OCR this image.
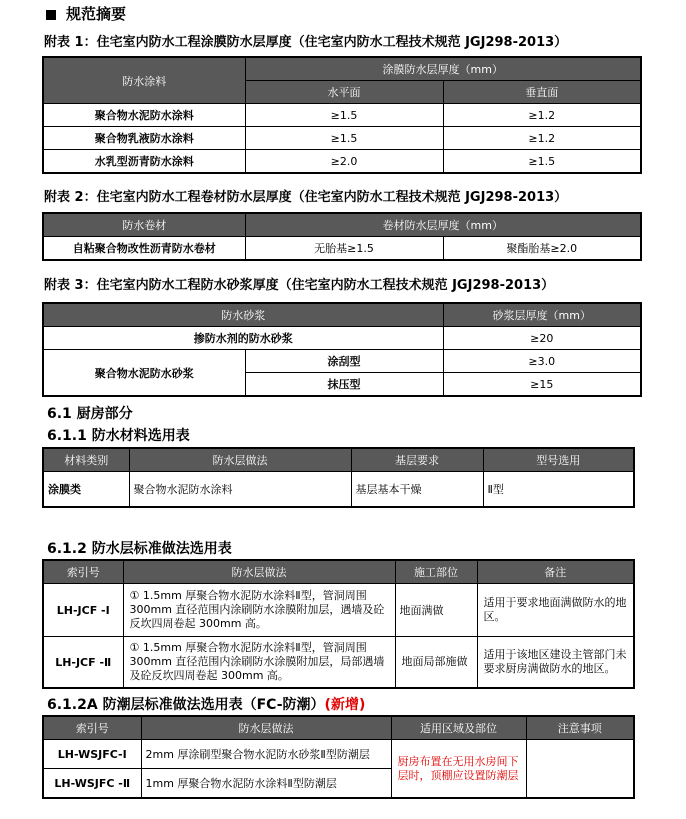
规范摘要
附表 1：住宅室内防水工程涂膜防水层厚度（住宅室内防水工程技术规范 JGJ298-2013）
防水涂料	涂膜防水层厚度（mm）	
	水平面	垂直面
聚合物水泥防水涂料	≥1.5	≥1.2
聚合物乳液防水涂料	≥1.5	≥1.2
水乳型沥青防水涂料	≥2.0	≥1.5
附表 2：住宅室内防水工程卷材防水层厚度（住宅室内防水工程技术规范 JGJ298-2013）
防水卷材	卷材防水层厚度（mm）	
自粘聚合物改性沥青防水卷材	无胎基≥1.5	聚酯胎基≥2.0
附表 3：住宅室内防水工程防水砂浆厚度（住宅室内防水工程技术规范 JGJ298-2013）
防水砂浆		砂浆层厚度（mm）
掺防水剂的防水砂浆		≥20
聚合物水泥防水砂浆	涂刮型	≥3.0
	抹压型	≥15
6.1 厨房部分
6.1.1 防水材料选用表
材料类别	防水层做法	基层要求	型号选用
涂膜类	聚合物水泥防水涂料	基层基本干燥	Ⅱ型
6.1.2 防水层标准做法选用表
索引号	防水层做法	施工部位	备注
LH-JCF -Ⅰ	① 1.5mm 厚聚合物水泥防水涂料Ⅱ型，管洞周围 300mm 直径范围内涂刷防水涂膜附加层，遇墙及砼反坎四周卷起 300mm 高。	地面满做	适用于要求地面满做防水的地区。
LH-JCF -Ⅱ	① 1.5mm 厚聚合物水泥防水涂料Ⅱ型，管洞周围 300mm 直径范围内涂刷防水涂膜附加层，局部遇墙及砼反坎四周卷起 300mm 高。	地面局部施做	适用于该地区建设主管部门未要求厨房满做防水的地区。
6.1.2A 防潮层标准做法选用表（FC-防潮）(新增)
索引号	防水层做法	适用区域及部位	注意事项
LH-WSJFC-Ⅰ	2mm 厚涂刷型聚合物水泥防水砂浆Ⅱ型防潮层	厨房布置在无用水房间下层时，顶棚应设置防潮层	
LH-WSJFC -Ⅱ	1mm 厚聚合物水泥防水涂料Ⅱ型防潮层		
